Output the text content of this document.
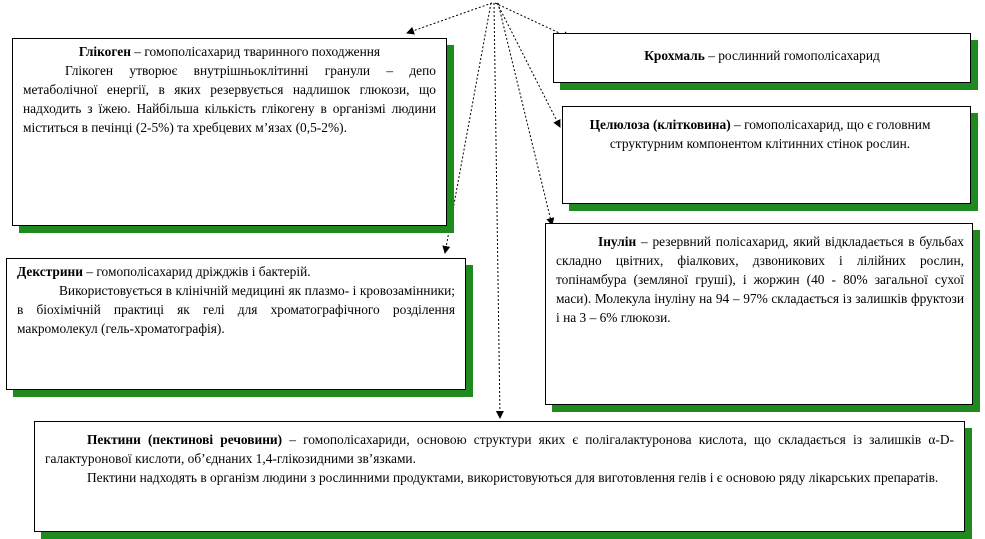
Глікоген – гомополісахарид тваринного походження

Глікоген утворює внутрішньоклітинні гранули – депо метаболічної енергії, в яких резервується надлишок глюкози, що надходить з їжею. Найбільша кількість глікогену в організмі людини міститься в печінці (2-5%) та хребцевих м’язах (0,5-2%).

Крохмаль – рослинний гомополісахарид

Целюлоза (клітковина) – гомополісахарид, що є головним структурним компонентом клітинних стінок рослин.

Декстрини – гомополісахарид дріжджів і бактерій.

Використовується в клінічній медицині як плазмо- і кровозамінники; в біохімічній практиці як гелі для хроматографічного розділення макромолекул (гель-хроматографія).

Інулін – резервний полісахарид, який відкладається в бульбах складно цвітних, фіалкових, дзвоникових і лілійних рослин, топінамбура (земляної груші), і жоржин (40 - 80% загальної сухої маси). Молекула інуліну на 94 – 97% складається із залишків фруктози і на 3 – 6% глюкози.

Пектини (пектинові речовини) – гомополісахариди, основою структури яких є полігалактуронова кислота, що складається із залишків α-D-галактуронової кислоти, об’єднаних 1,4-глікозидними зв’язками.

Пектини надходять в організм людини з рослинними продуктами, використовуються для виготовлення гелів і є основою ряду лікарських препаратів.
